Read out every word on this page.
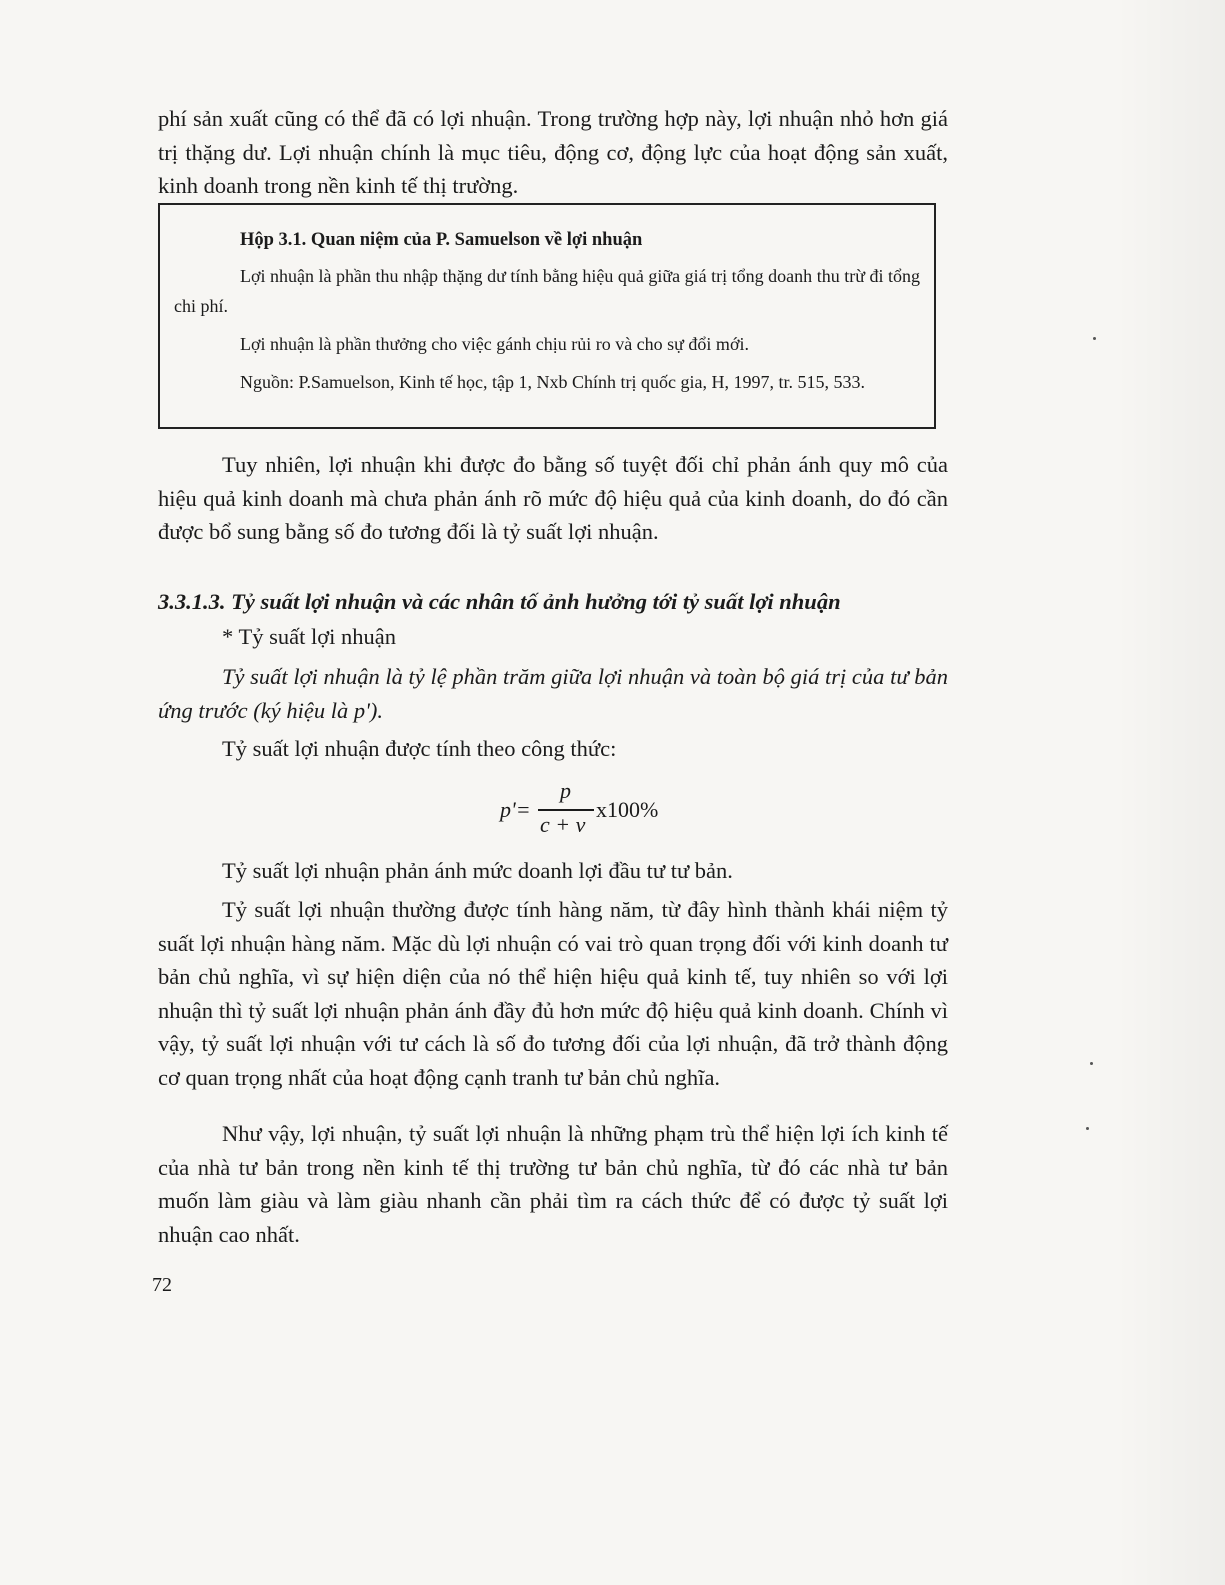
phí sản xuất cũng có thể đã có lợi nhuận. Trong trường hợp này, lợi nhuận nhỏ hơn giá trị thặng dư. Lợi nhuận chính là mục tiêu, động cơ, động lực của hoạt động sản xuất, kinh doanh trong nền kinh tế thị trường.

Hộp 3.1. Quan niệm của P. Samuelson về lợi nhuận

Lợi nhuận là phần thu nhập thặng dư tính bằng hiệu quả giữa giá trị tổng doanh thu trừ đi tổng chi phí.

Lợi nhuận là phần thưởng cho việc gánh chịu rủi ro và cho sự đổi mới.

Nguồn: P.Samuelson, Kinh tế học, tập 1, Nxb Chính trị quốc gia, H, 1997, tr. 515, 533.

Tuy nhiên, lợi nhuận khi được đo bằng số tuyệt đối chỉ phản ánh quy mô của hiệu quả kinh doanh mà chưa phản ánh rõ mức độ hiệu quả của kinh doanh, do đó cần được bổ sung bằng số đo tương đối là tỷ suất lợi nhuận.

3.3.1.3. Tỷ suất lợi nhuận và các nhân tố ảnh hưởng tới tỷ suất lợi nhuận

* Tỷ suất lợi nhuận

Tỷ suất lợi nhuận là tỷ lệ phần trăm giữa lợi nhuận và toàn bộ giá trị của tư bản ứng trước (ký hiệu là p').

Tỷ suất lợi nhuận được tính theo công thức:

p'=
p
c + v
x100%

Tỷ suất lợi nhuận phản ánh mức doanh lợi đầu tư tư bản.

Tỷ suất lợi nhuận thường được tính hàng năm, từ đây hình thành khái niệm tỷ suất lợi nhuận hàng năm. Mặc dù lợi nhuận có vai trò quan trọng đối với kinh doanh tư bản chủ nghĩa, vì sự hiện diện của nó thể hiện hiệu quả kinh tế, tuy nhiên so với lợi nhuận thì tỷ suất lợi nhuận phản ánh đầy đủ hơn mức độ hiệu quả kinh doanh. Chính vì vậy, tỷ suất lợi nhuận với tư cách là số đo tương đối của lợi nhuận, đã trở thành động cơ quan trọng nhất của hoạt động cạnh tranh tư bản chủ nghĩa.

Như vậy, lợi nhuận, tỷ suất lợi nhuận là những phạm trù thể hiện lợi ích kinh tế của nhà tư bản trong nền kinh tế thị trường tư bản chủ nghĩa, từ đó các nhà tư bản muốn làm giàu và làm giàu nhanh cần phải tìm ra cách thức để có được tỷ suất lợi nhuận cao nhất.

72
